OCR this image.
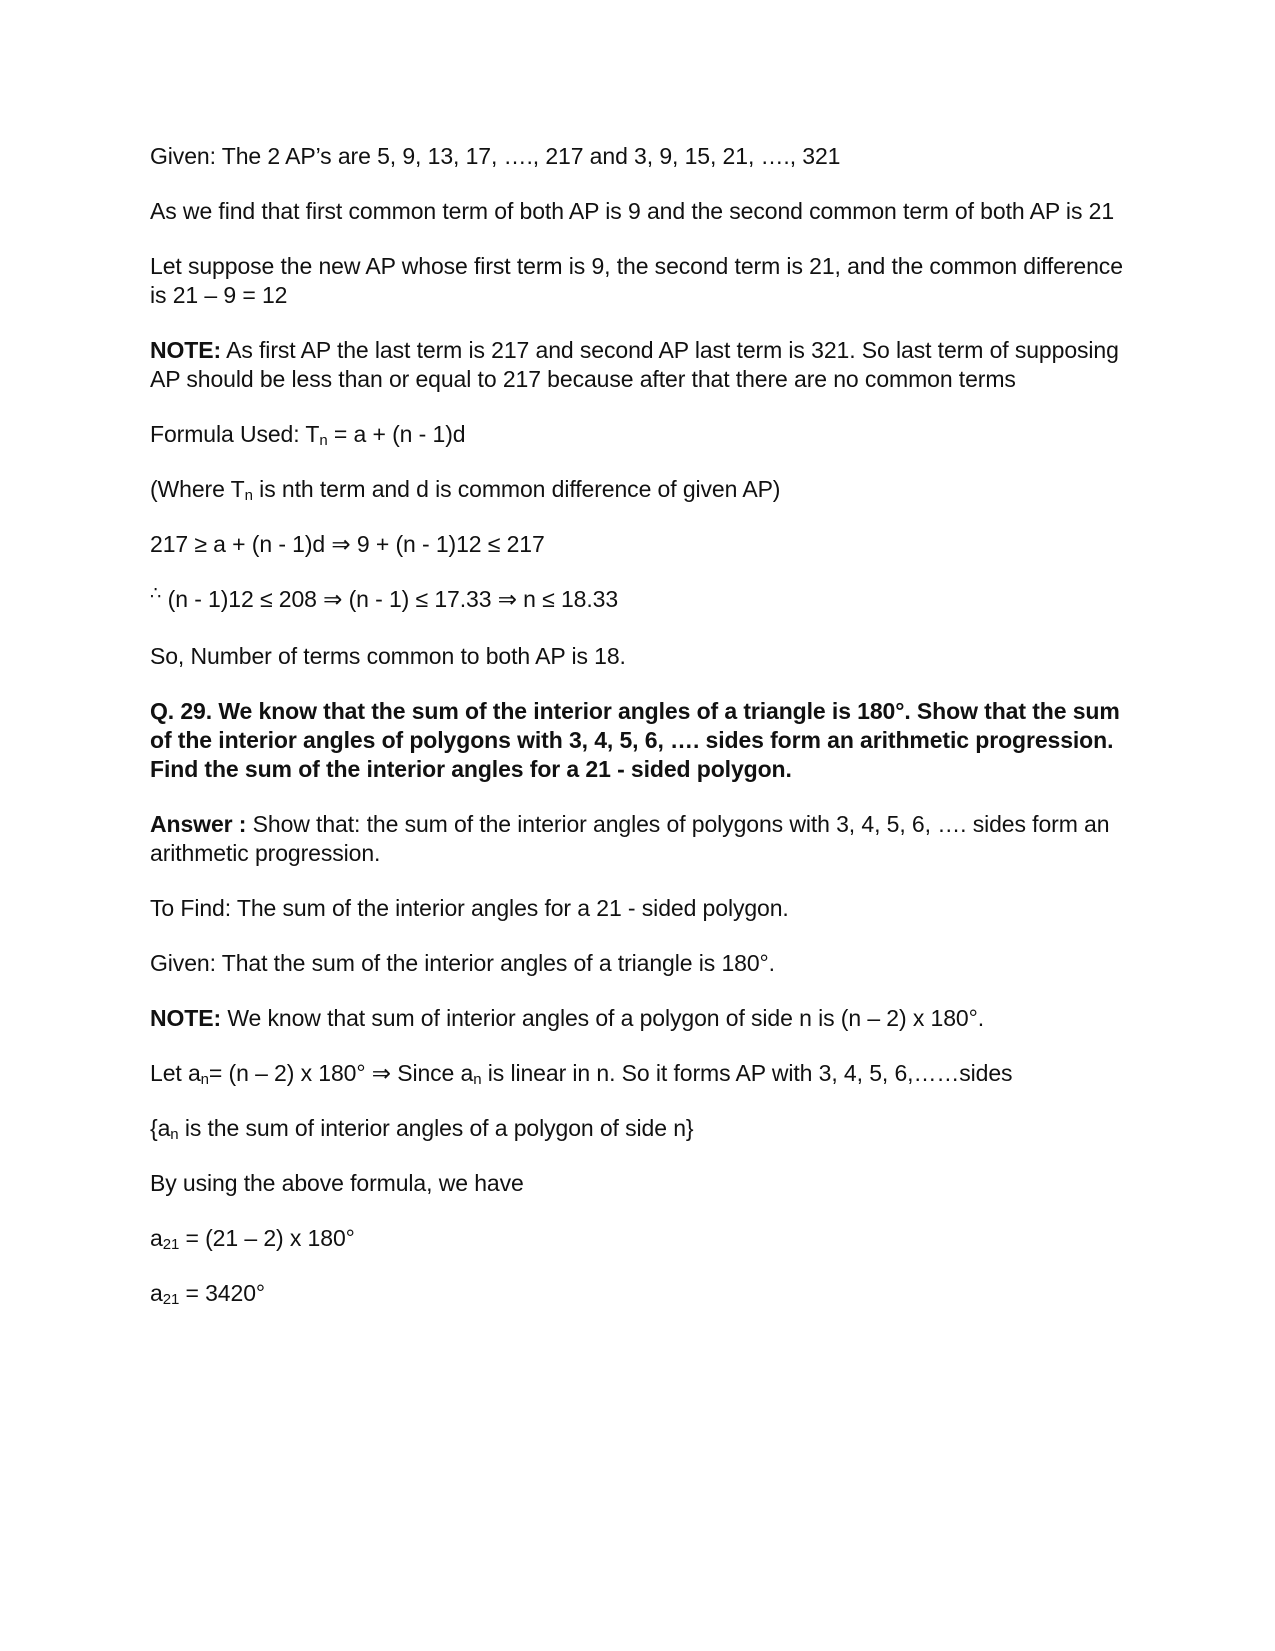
Given: The 2 AP’s are 5, 9, 13, 17, …., 217 and 3, 9, 15, 21, …., 321

As we find that first common term of both AP is 9 and the second common term of both AP is 21

Let suppose the new AP whose first term is 9, the second term is 21, and the common difference is 21 – 9 = 12

NOTE: As first AP the last term is 217 and second AP last term is 321. So last term of supposing AP should be less than or equal to 217 because after that there are no common terms

Formula Used: $T_n = a + (n - 1)d$

(Where $T_n$ is nth term and d is common difference of given AP)

217 ≥ a + (n - 1)d ⇒ 9 + (n - 1)12 ≤ 217

∴ (n - 1)12 ≤ 208 ⇒ (n - 1) ≤ 17.33 ⇒ n ≤ 18.33

So, Number of terms common to both AP is 18.

Q. 29. We know that the sum of the interior angles of a triangle is 180°. Show that the sum of the interior angles of polygons with 3, 4, 5, 6, …. sides form an arithmetic progression. Find the sum of the interior angles for a 21 - sided polygon.

Answer : Show that: the sum of the interior angles of polygons with 3, 4, 5, 6, …. sides form an arithmetic progression.

To Find: The sum of the interior angles for a 21 - sided polygon.

Given: That the sum of the interior angles of a triangle is 180°.

NOTE: We know that sum of interior angles of a polygon of side n is (n – 2) x 180°.

Let $a_n= (n - 2)$ x 180° ⇒ Since $a_n$ is linear in n. So it forms AP with 3, 4, 5, 6,……sides

{$a_n$ is the sum of interior angles of a polygon of side n}

By using the above formula, we have

$a_{21} = (21 - 2)$ x 180°

$a_{21} = 3420^\circ$
